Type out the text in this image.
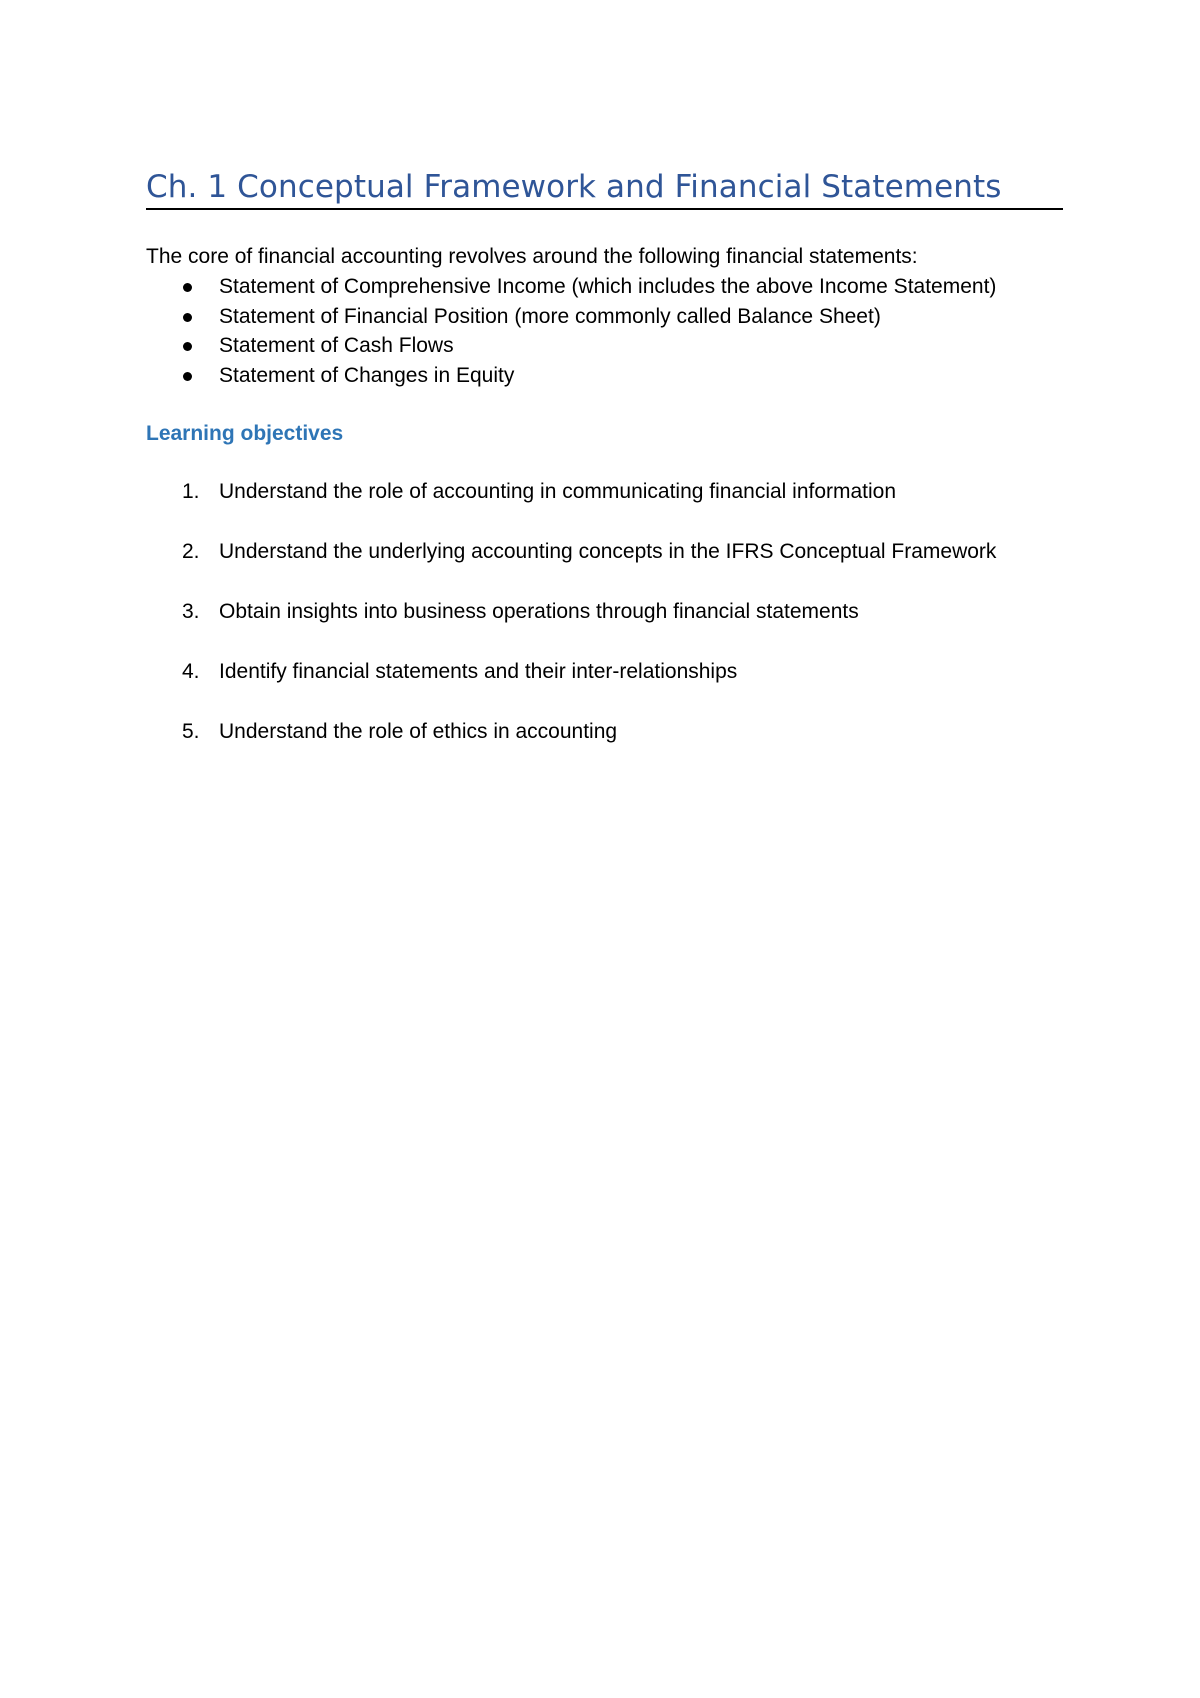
Ch. 1 Conceptual Framework and Financial Statements

The core of financial accounting revolves around the following financial statements:

Statement of Comprehensive Income (which includes the above Income Statement)
Statement of Financial Position (more commonly called Balance Sheet)
Statement of Cash Flows
Statement of Changes in Equity
Learning objectives
1. Understand the role of accounting in communicating financial information
2. Understand the underlying accounting concepts in the IFRS Conceptual Framework
3. Obtain insights into business operations through financial statements
4. Identify financial statements and their inter-relationships
5. Understand the role of ethics in accounting
